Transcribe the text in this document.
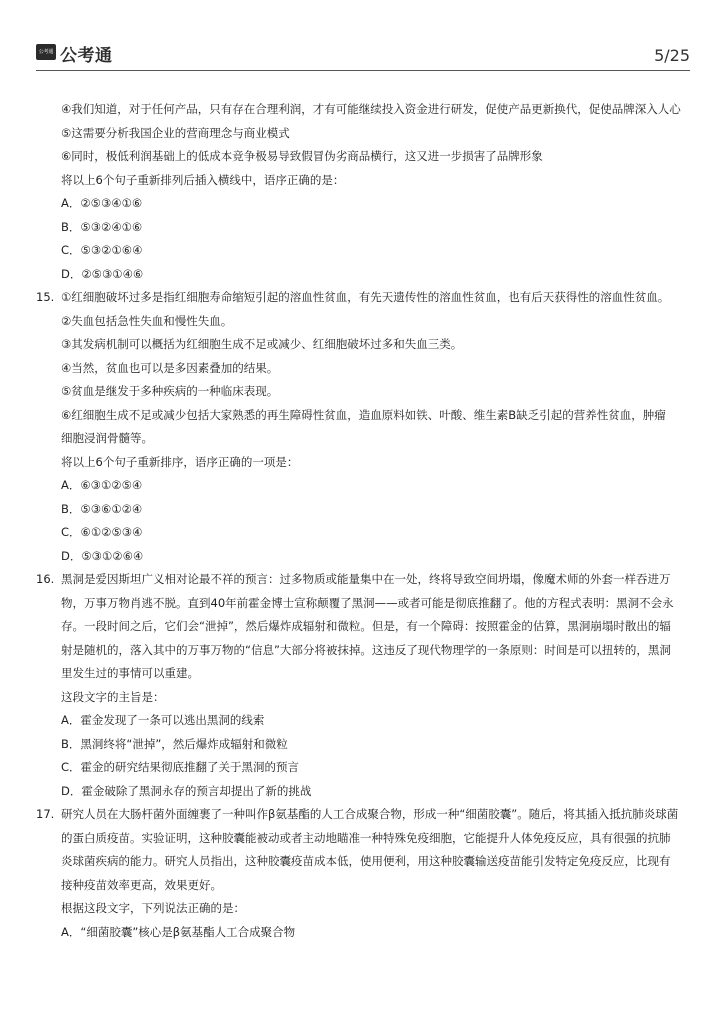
公考通 公考通	5/25
④我们知道，对于任何产品，只有存在合理利润，才有可能继续投入资金进行研发，促使产品更新换代，促使品牌深入人心
⑤这需要分析我国企业的营商理念与商业模式
⑥同时，极低利润基础上的低成本竞争极易导致假冒伪劣商品横行，这又进一步损害了品牌形象
将以上6个句子重新排列后插入横线中，语序正确的是：
A．②⑤③④①⑥
B．⑤③②④①⑥
C．⑤③②①⑥④
D．②⑤③①④⑥
15. ①红细胞破坏过多是指红细胞寿命缩短引起的溶血性贫血，有先天遗传性的溶血性贫血，也有后天获得性的溶血性贫血。
②失血包括急性失血和慢性失血。
③其发病机制可以概括为红细胞生成不足或减少、红细胞破坏过多和失血三类。
④当然，贫血也可以是多因素叠加的结果。
⑤贫血是继发于多种疾病的一种临床表现。
⑥红细胞生成不足或减少包括大家熟悉的再生障碍性贫血，造血原料如铁、叶酸、维生素B缺乏引起的营养性贫血，肿瘤
细胞浸润骨髓等。
将以上6个句子重新排序，语序正确的一项是：
A．⑥③①②⑤④
B．⑤③⑥①②④
C．⑥①②⑤③④
D．⑤③①②⑥④
16. 黑洞是爱因斯坦广义相对论最不祥的预言：过多物质或能量集中在一处，终将导致空间坍塌，像魔术师的外套一样吞进万
物，万事万物肖逃不脱。直到40年前霍金博士宣称颠覆了黑洞——或者可能是彻底推翻了。他的方程式表明：黑洞不会永
存。一段时间之后，它们会“泄掉”，然后爆炸成辐射和微粒。但是，有一个障碍：按照霍金的估算，黑洞崩塌时散出的辐
射是随机的，落入其中的万事万物的“信息”大部分将被抹掉。这违反了现代物理学的一条原则：时间是可以扭转的，黑洞
里发生过的事情可以重建。
这段文字的主旨是：
A．霍金发现了一条可以逃出黑洞的线索
B．黑洞终将“泄掉”，然后爆炸成辐射和微粒
C．霍金的研究结果彻底推翻了关于黑洞的预言
D．霍金破除了黑洞永存的预言却提出了新的挑战
17. 研究人员在大肠杆菌外面缠裹了一种叫作β氨基酯的人工合成聚合物，形成一种“细菌胶囊”。随后，将其插入抵抗肺炎球菌
的蛋白质疫苗。实验证明，这种胶囊能被动或者主动地瞄准一种特殊免疫细胞，它能提升人体免疫反应，具有很强的抗肺
炎球菌疾病的能力。研究人员指出，这种胶囊疫苗成本低，使用便利，用这种胶囊输送疫苗能引发特定免疫反应，比现有
接种疫苗效率更高，效果更好。
根据这段文字，下列说法正确的是：
A．“细菌胶囊”核心是β氨基酯人工合成聚合物
